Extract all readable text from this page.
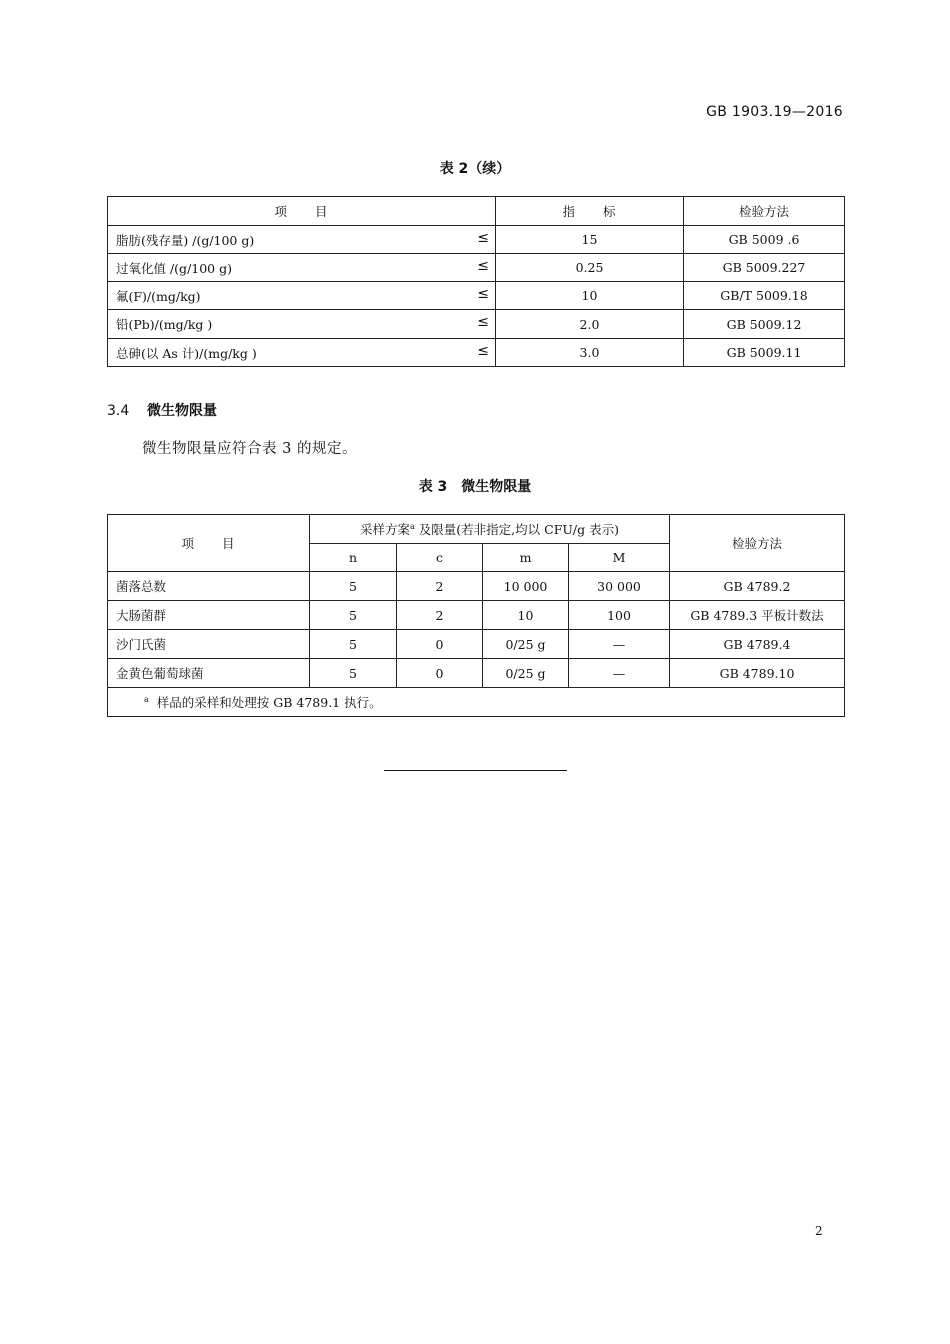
GB 1903.19—2016
表 2（续）
项　　目	指　　标	检验方法
脂肪(残存量) /(g/100 g) ≤	15	GB 5009 .6
过氧化值 /(g/100 g) ≤	0.25	GB 5009.227
氟(F)/(mg/kg) ≤	10	GB/T 5009.18
铅(Pb)/(mg/kg ) ≤	2.0	GB 5009.12
总砷(以 As 计)/(mg/kg ) ≤	3.0	GB 5009.11
3.4 微生物限量
微生物限量应符合表 3 的规定。
表 3　微生物限量
项　　目	采样方案$^a$ 及限量(若非指定,均以 CFU/g 表示)				检验方法
	n	c	m	M	
菌落总数	5	2	10 000	30 000	GB 4789.2
大肠菌群	5	2	10	100	GB 4789.3 平板计数法
沙门氏菌	5	0	0/25 g	—	GB 4789.4
金黄色葡萄球菌	5	0	0/25 g	—	GB 4789.10
$^a$ 样品的采样和处理按 GB 4789.1 执行。					
2
